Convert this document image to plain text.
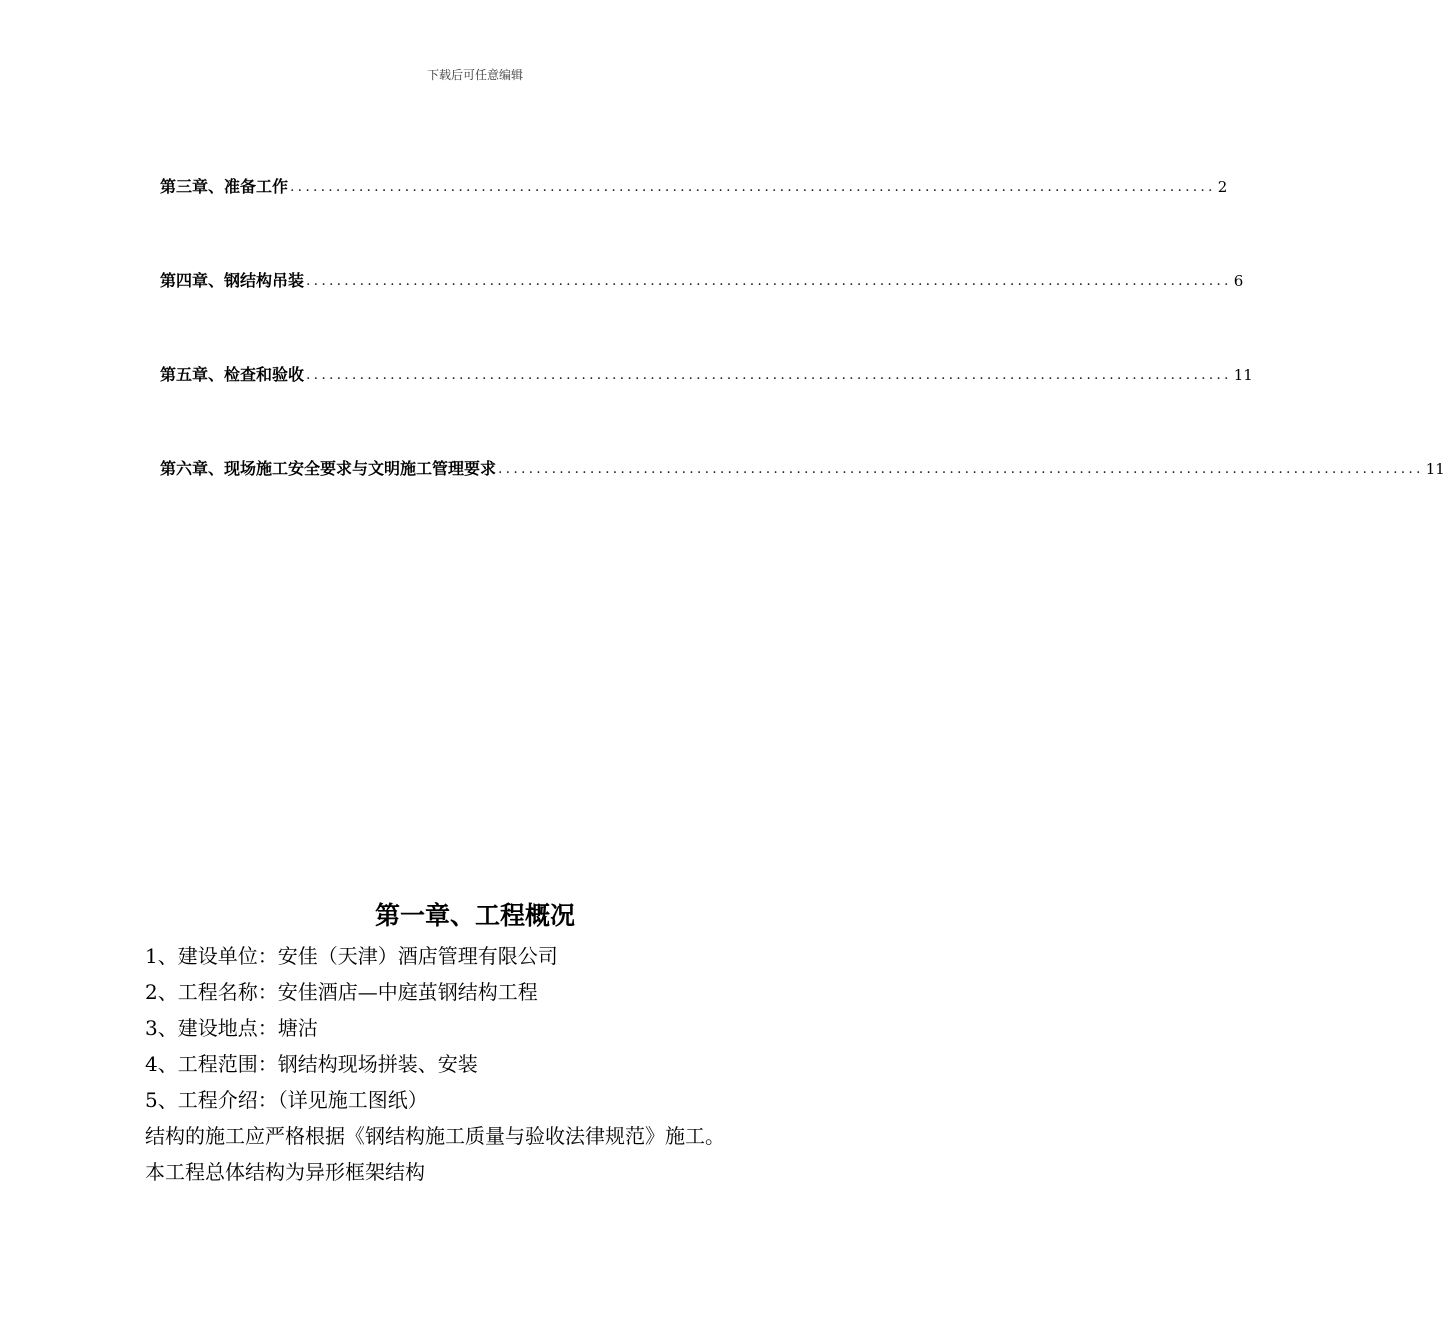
下载后可任意编辑
第三章、准备工作 ......................................................................................................................... 2
第四章、钢结构吊装 ......................................................................................................................... 6
第五章、检查和验收 ......................................................................................................................... 11
第六章、现场施工安全要求与文明施工管理要求 ......................................................................................................................... 11
第一章、工程概况
1、建设单位：安佳（天津）酒店管理有限公司
2、工程名称：安佳酒店—中庭茧钢结构工程
3、建设地点：塘沽
4、工程范围：钢结构现场拼装、安装
5、工程介绍：（详见施工图纸）
结构的施工应严格根据《钢结构施工质量与验收法律规范》施工。
本工程总体结构为异形框架结构
